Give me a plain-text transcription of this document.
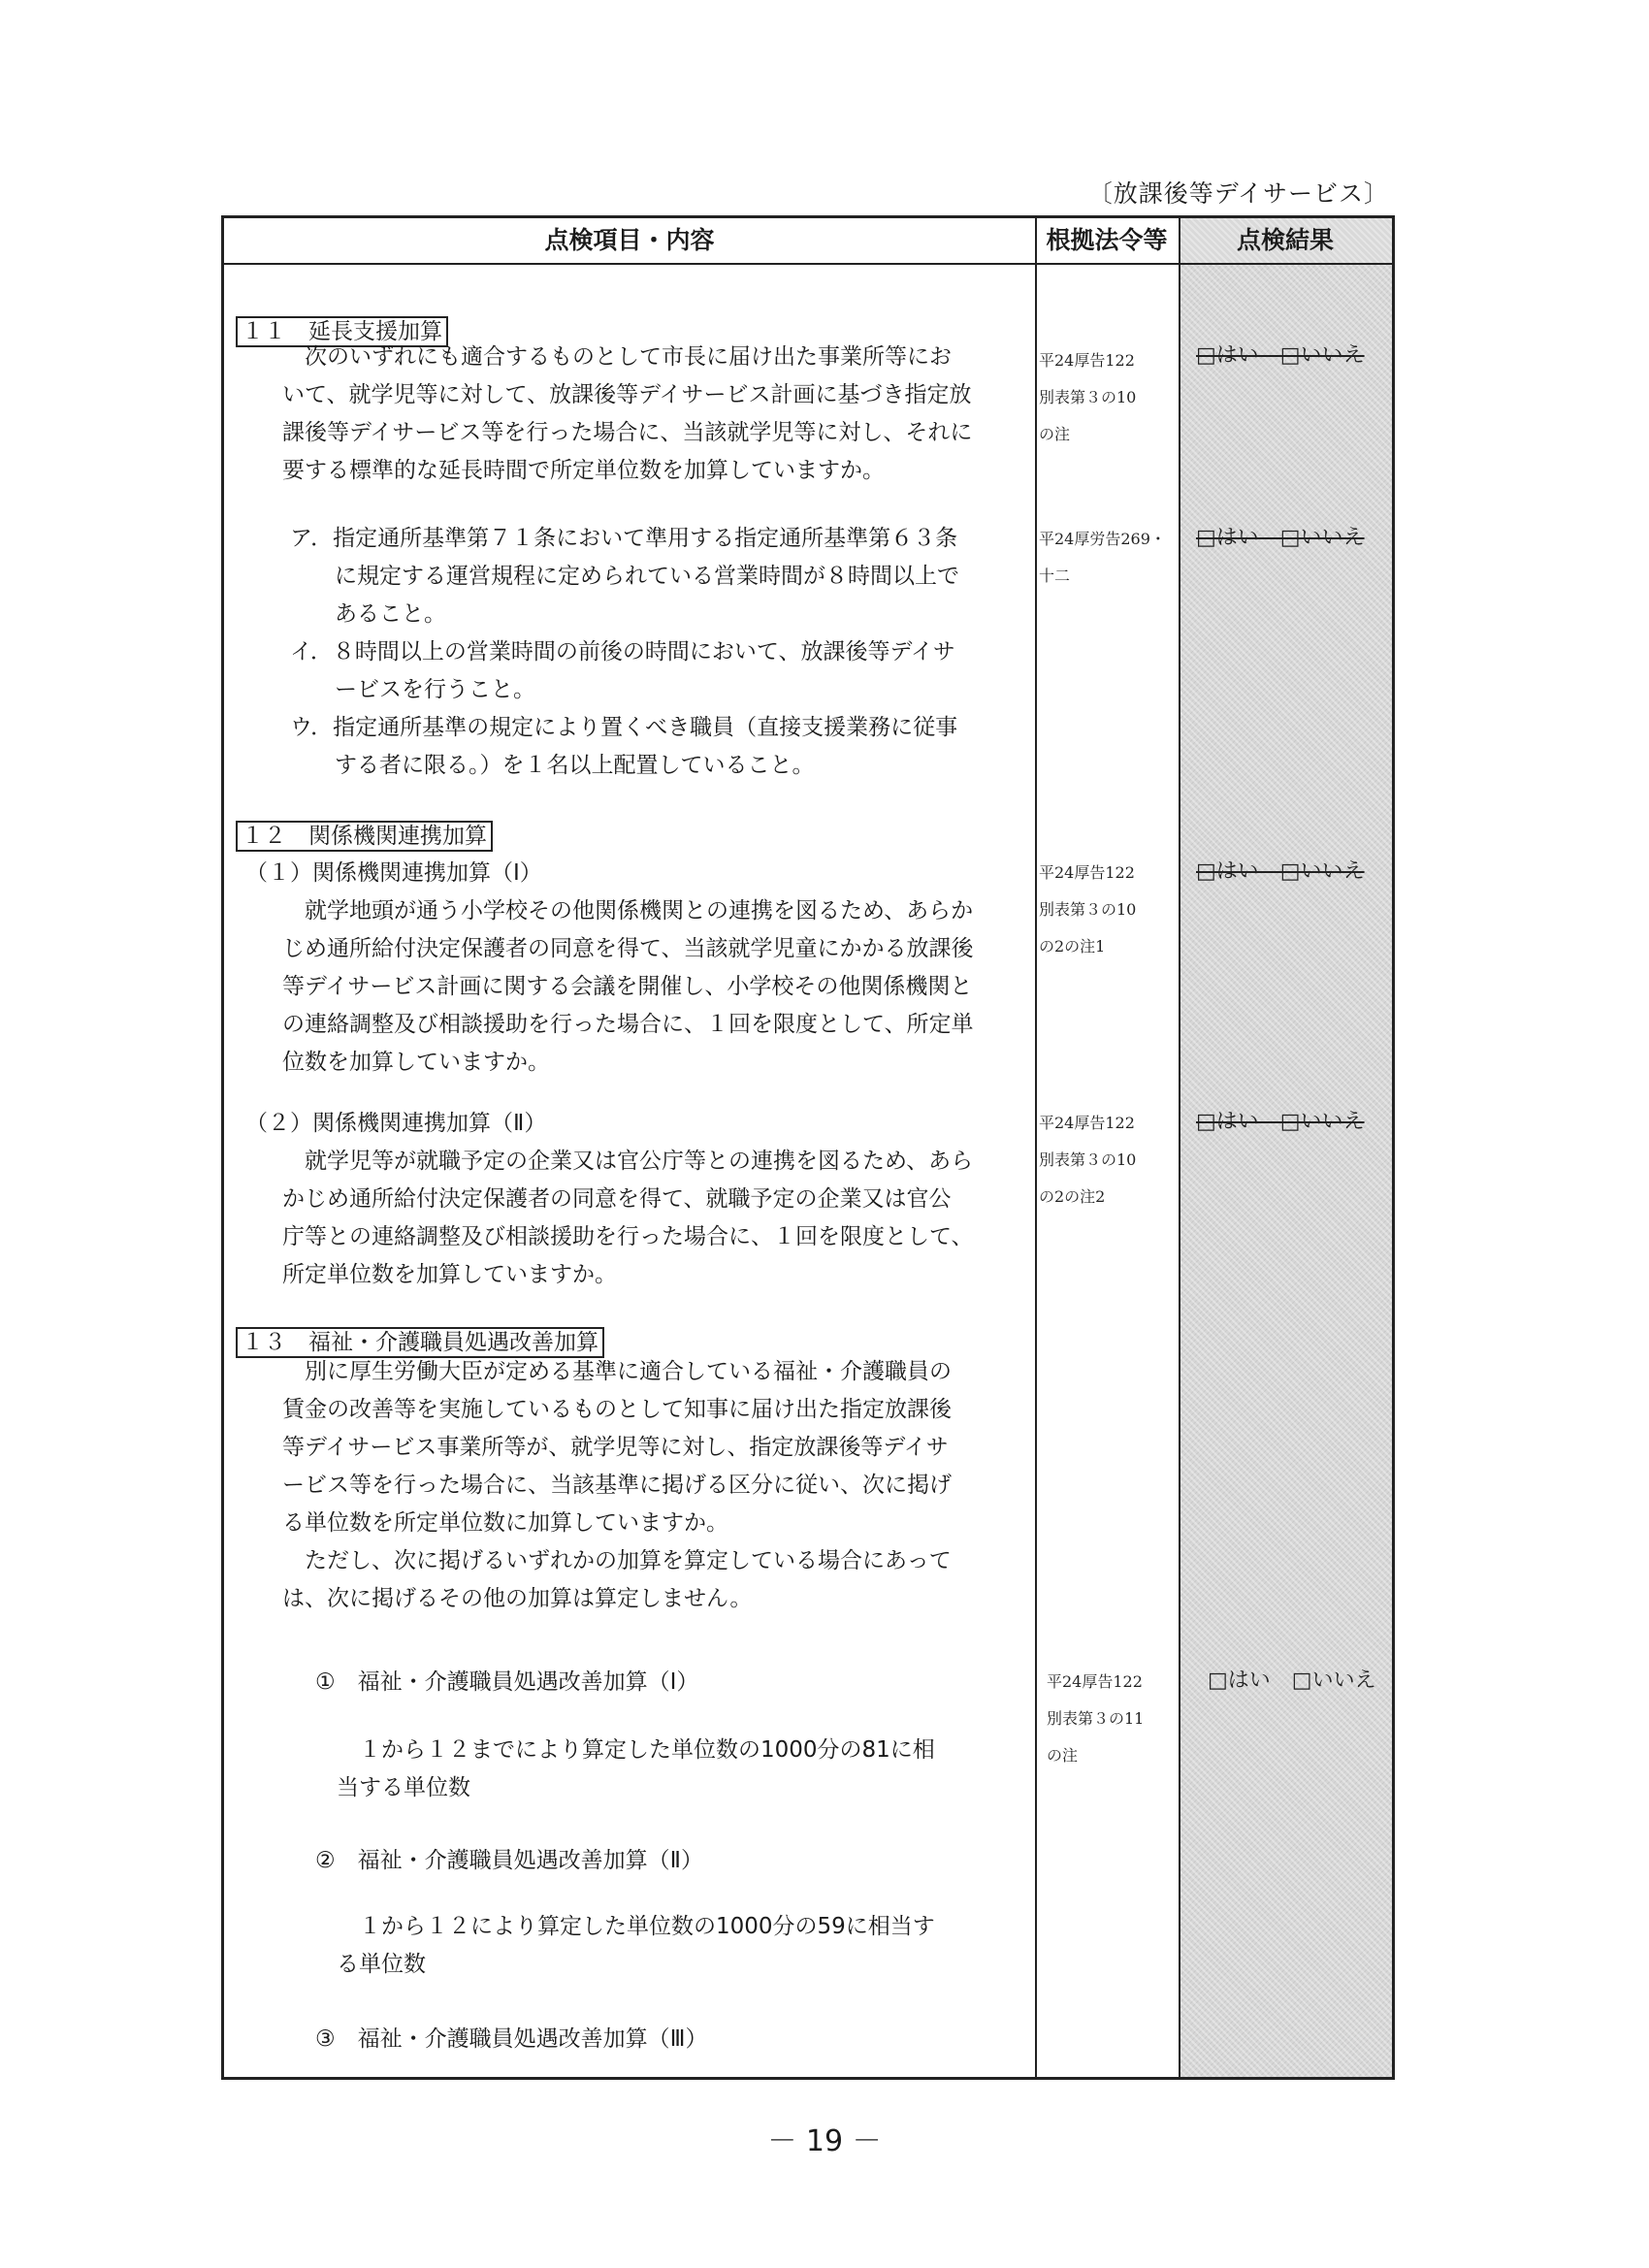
〔放課後等デイサービス〕
点検項目・内容	根拠法令等	点検結果
１１　延長支援加算
　次のいずれにも適合するものとして市長に届け出た事業所等にお
いて、就学児等に対して、放課後等デイサービス計画に基づき指定放
課後等デイサービス等を行った場合に、当該就学児等に対し、それに
要する標準的な延長時間で所定単位数を加算していますか。
平24厚告122
別表第３の10
の注
□はい　□いいえ
ア．指定通所基準第７１条において準用する指定通所基準第６３条
　　に規定する運営規程に定められている営業時間が８時間以上で
　　あること。
イ．８時間以上の営業時間の前後の時間において、放課後等デイサ
　　ービスを行うこと。
ウ．指定通所基準の規定により置くべき職員（直接支援業務に従事
　　する者に限る。）を１名以上配置していること。
平24厚労告269・
十二
□はい　□いいえ
１２　関係機関連携加算
（１）関係機関連携加算（Ⅰ）
　就学地頭が通う小学校その他関係機関との連携を図るため、あらか
じめ通所給付決定保護者の同意を得て、当該就学児童にかかる放課後
等デイサービス計画に関する会議を開催し、小学校その他関係機関と
の連絡調整及び相談援助を行った場合に、１回を限度として、所定単
位数を加算していますか。
平24厚告122
別表第３の10
の2の注1
□はい　□いいえ
（２）関係機関連携加算（Ⅱ）
　就学児等が就職予定の企業又は官公庁等との連携を図るため、あら
かじめ通所給付決定保護者の同意を得て、就職予定の企業又は官公
庁等との連絡調整及び相談援助を行った場合に、１回を限度として、
所定単位数を加算していますか。
平24厚告122
別表第３の10
の2の注2
□はい　□いいえ
１３　福祉・介護職員処遇改善加算
　別に厚生労働大臣が定める基準に適合している福祉・介護職員の
賃金の改善等を実施しているものとして知事に届け出た指定放課後
等デイサービス事業所等が、就学児等に対し、指定放課後等デイサ
ービス等を行った場合に、当該基準に掲げる区分に従い、次に掲げ
る単位数を所定単位数に加算していますか。
　ただし、次に掲げるいずれかの加算を算定している場合にあって
は、次に掲げるその他の加算は算定しません。
①　福祉・介護職員処遇改善加算（Ⅰ）
　１から１２までにより算定した単位数の1000分の81に相
当する単位数
平24厚告122
別表第３の11
の注
□はい　□いいえ
②　福祉・介護職員処遇改善加算（Ⅱ）
　１から１２により算定した単位数の1000分の59に相当す
る単位数
③　福祉・介護職員処遇改善加算（Ⅲ）
－ 19 －
